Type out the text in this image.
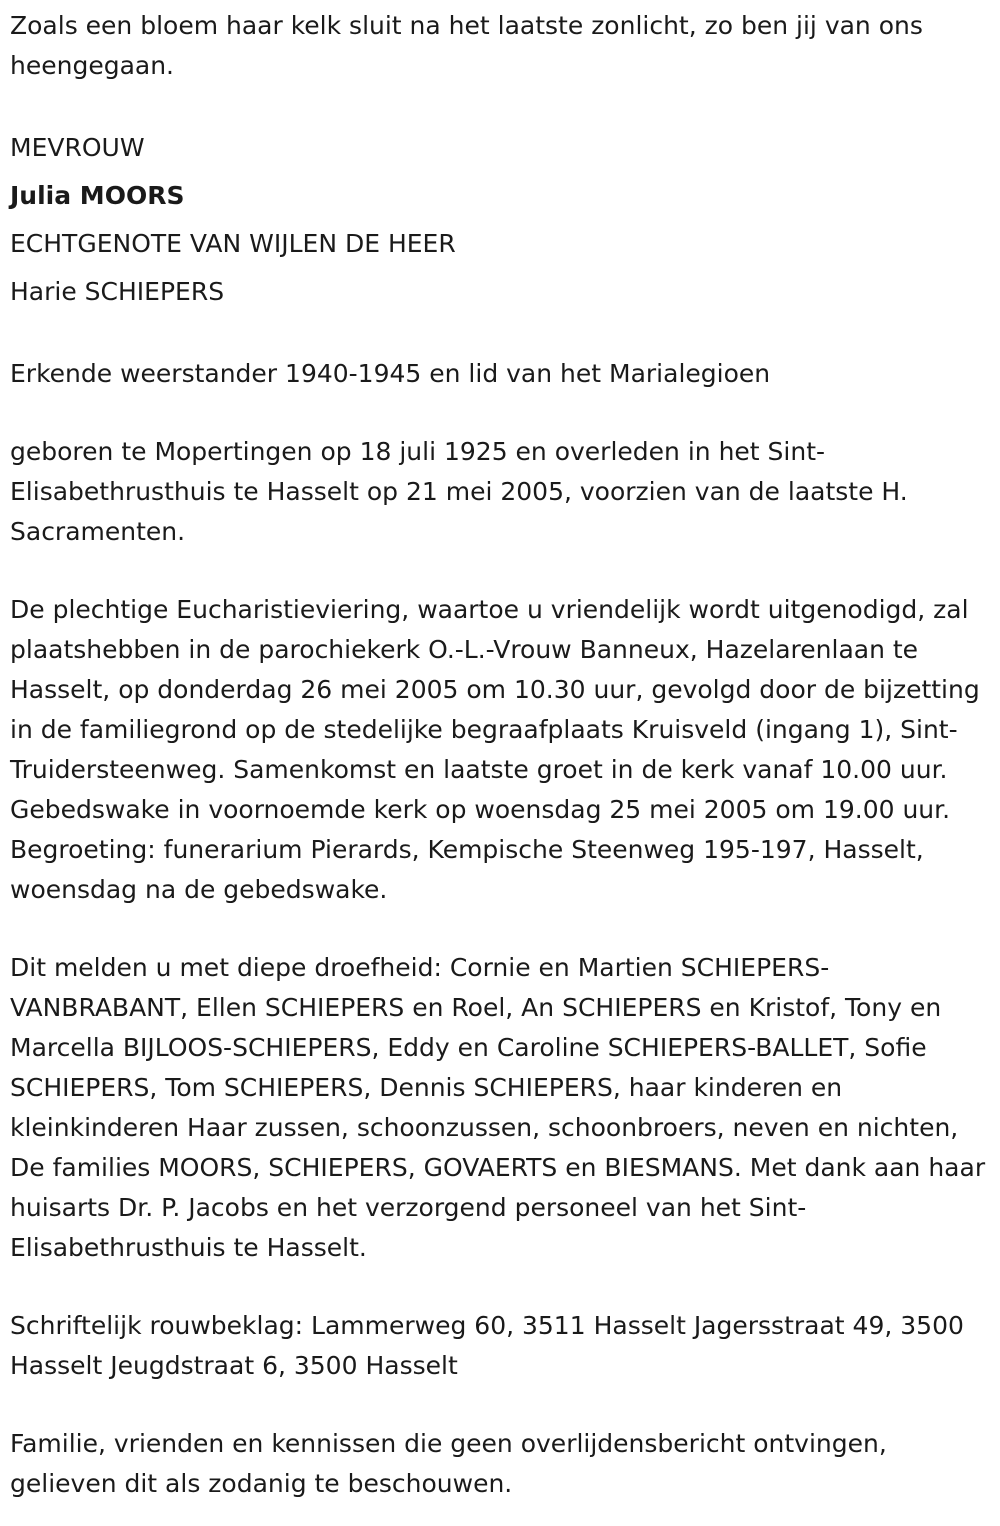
Zoals een bloem haar kelk sluit na het laatste zonlicht, zo ben jij van ons heengegaan.

MEVROUW

Julia MOORS

ECHTGENOTE VAN WIJLEN DE HEER

Harie SCHIEPERS

Erkende weerstander 1940-1945 en lid van het Marialegioen

geboren te Mopertingen op 18 juli 1925 en overleden in het Sint-Elisabethrusthuis te Hasselt op 21 mei 2005, voorzien van de laatste H. Sacramenten.

De plechtige Eucharistieviering, waartoe u vriendelijk wordt uitgenodigd, zal plaatshebben in de parochiekerk O.-L.-Vrouw Banneux, Hazelarenlaan te Hasselt, op donderdag 26 mei 2005 om 10.30 uur, gevolgd door de bijzetting in de familiegrond op de stedelijke begraafplaats Kruisveld (ingang 1), Sint-Truidersteenweg. Samenkomst en laatste groet in de kerk vanaf 10.00 uur. Gebedswake in voornoemde kerk op woensdag 25 mei 2005 om 19.00 uur. Begroeting: funerarium Pierards, Kempische Steenweg 195-197, Hasselt, woensdag na de gebedswake.

Dit melden u met diepe droefheid: Cornie en Martien SCHIEPERS-VANBRABANT, Ellen SCHIEPERS en Roel, An SCHIEPERS en Kristof, Tony en Marcella BIJLOOS-SCHIEPERS, Eddy en Caroline SCHIEPERS-BALLET, Sofie SCHIEPERS, Tom SCHIEPERS, Dennis SCHIEPERS, haar kinderen en kleinkinderen Haar zussen, schoonzussen, schoonbroers, neven en nichten, De families MOORS, SCHIEPERS, GOVAERTS en BIESMANS. Met dank aan haar huisarts Dr. P. Jacobs en het verzorgend personeel van het Sint-Elisabethrusthuis te Hasselt.

Schriftelijk rouwbeklag: Lammerweg 60, 3511 Hasselt Jagersstraat 49, 3500 Hasselt Jeugdstraat 6, 3500 Hasselt

Familie, vrienden en kennissen die geen overlijdensbericht ontvingen, gelieven dit als zodanig te beschouwen.
